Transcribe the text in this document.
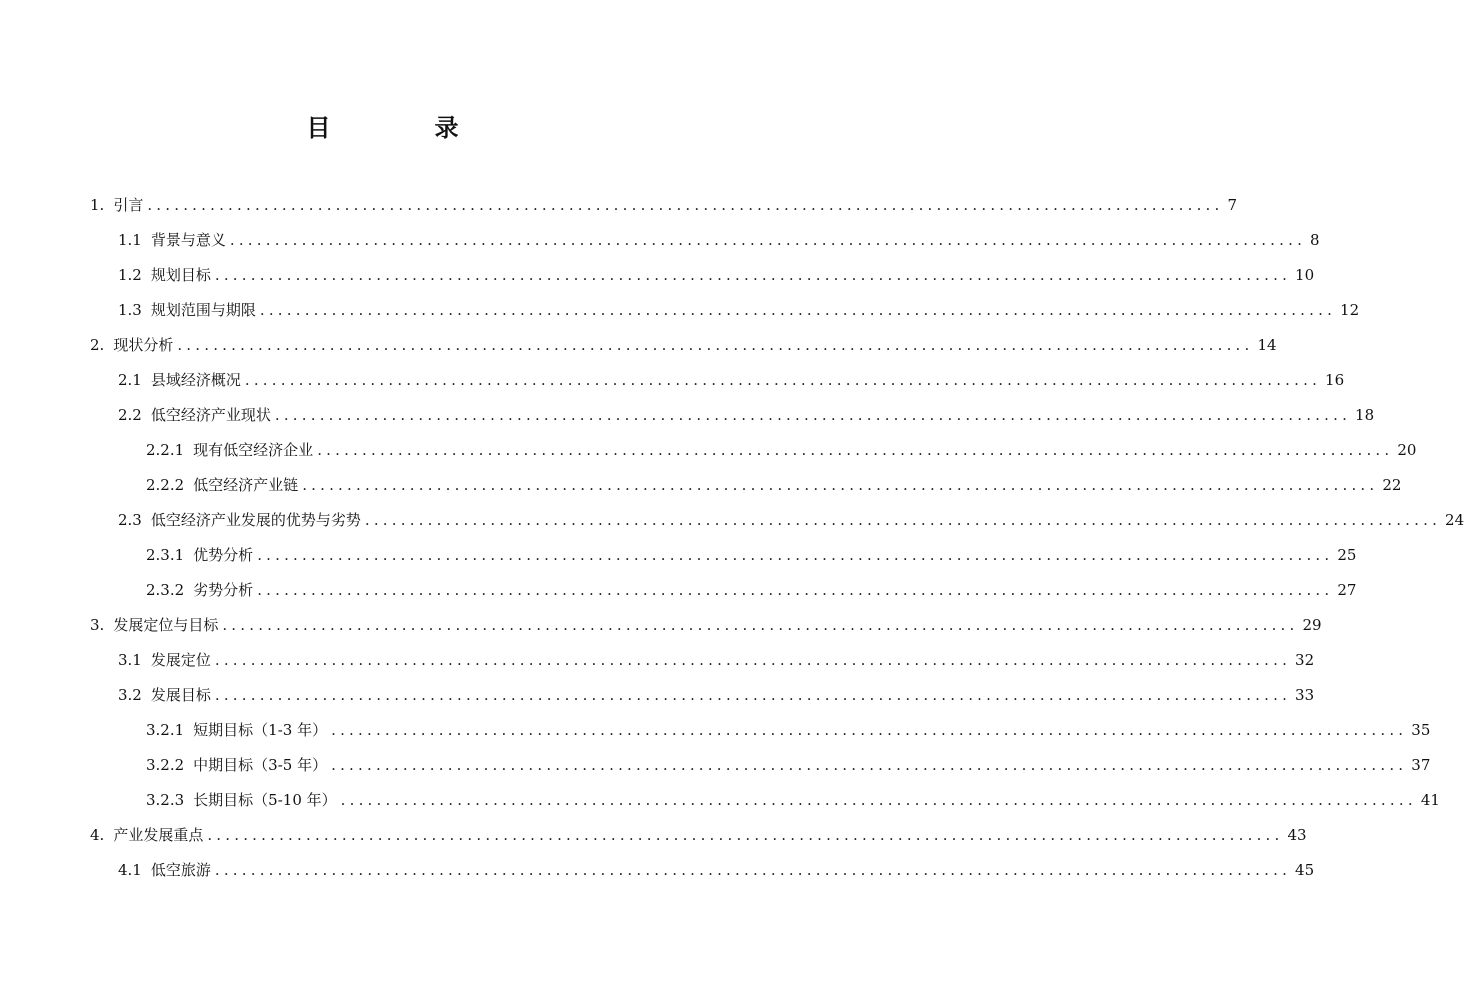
目　录
1. 引言 ........................................................................................................................ 7
1.1 背景与意义 ........................................................................................................................ 8
1.2 规划目标 ........................................................................................................................ 10
1.3 规划范围与期限 ........................................................................................................................ 12
2. 现状分析 ........................................................................................................................ 14
2.1 县域经济概况 ........................................................................................................................ 16
2.2 低空经济产业现状 ........................................................................................................................ 18
2.2.1 现有低空经济企业 ........................................................................................................................ 20
2.2.2 低空经济产业链 ........................................................................................................................ 22
2.3 低空经济产业发展的优势与劣势 ........................................................................................................................ 24
2.3.1 优势分析 ........................................................................................................................ 25
2.3.2 劣势分析 ........................................................................................................................ 27
3. 发展定位与目标 ........................................................................................................................ 29
3.1 发展定位 ........................................................................................................................ 32
3.2 发展目标 ........................................................................................................................ 33
3.2.1 短期目标（1-3 年） ........................................................................................................................ 35
3.2.2 中期目标（3-5 年） ........................................................................................................................ 37
3.2.3 长期目标（5-10 年） ........................................................................................................................ 41
4. 产业发展重点 ........................................................................................................................ 43
4.1 低空旅游 ........................................................................................................................ 45
